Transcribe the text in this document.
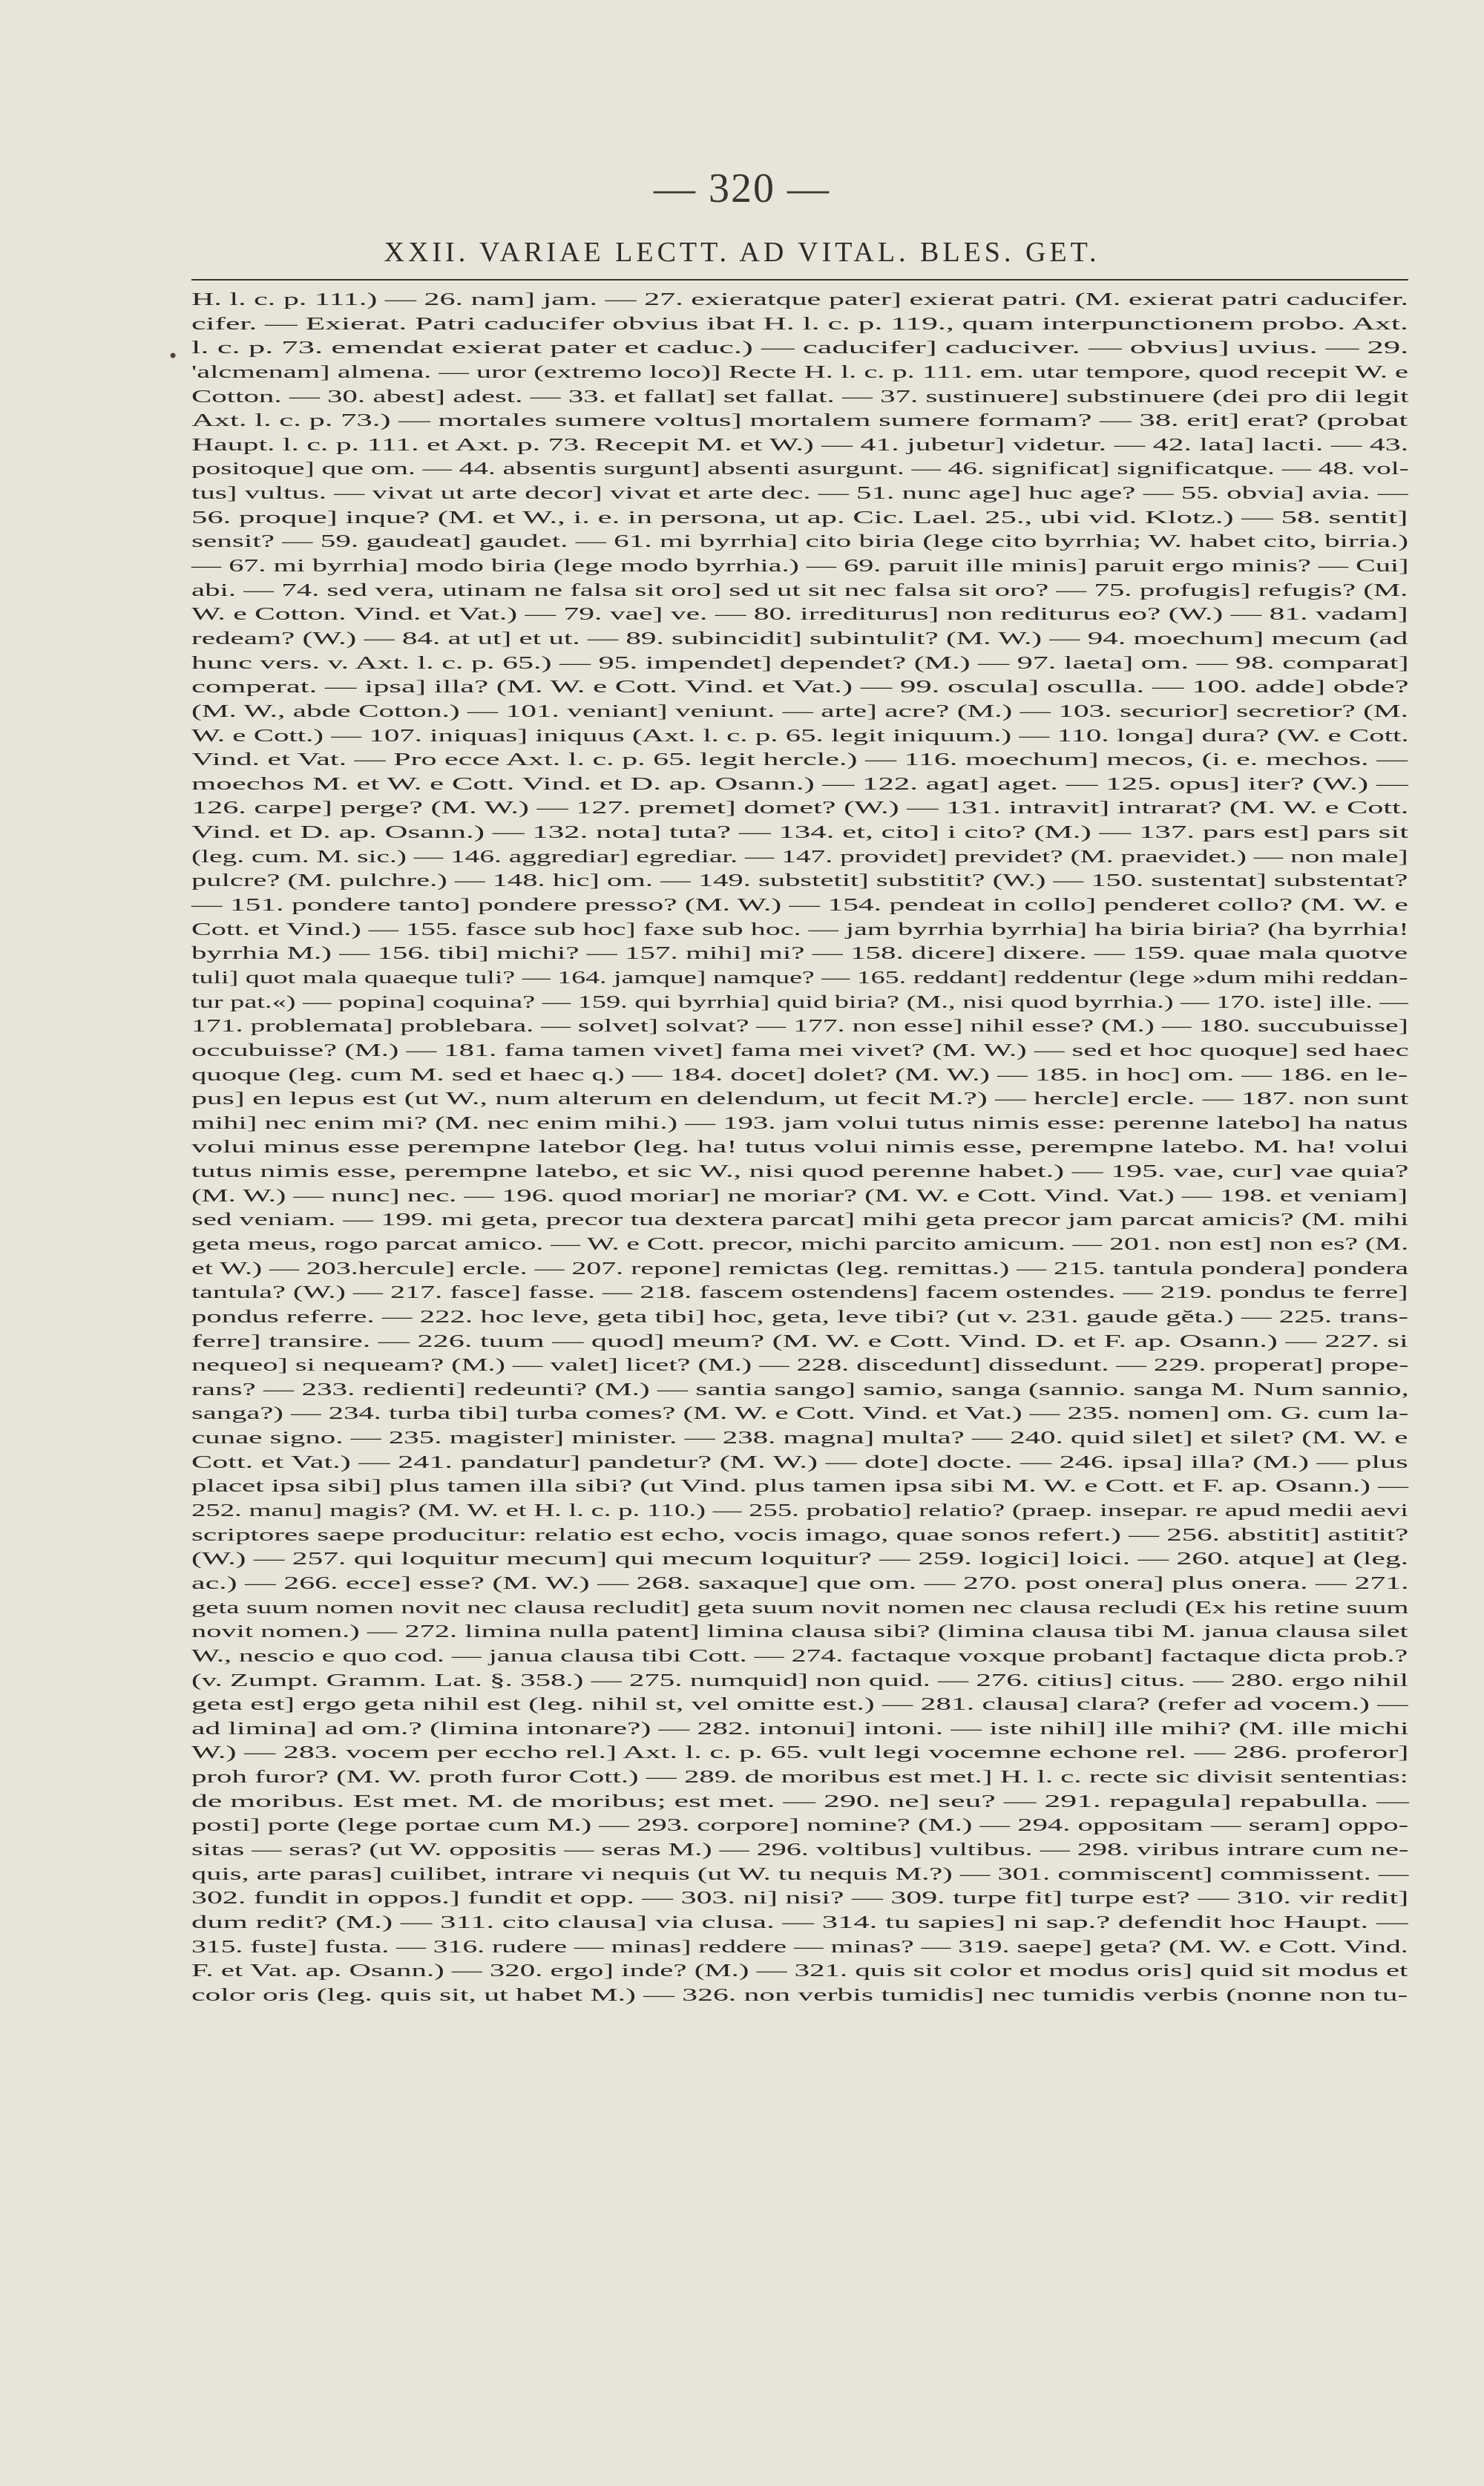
— 320 —
XXII. VARIAE LECTT. AD VITAL. BLES. GET.
•
H. l. c. p. 111.) — 26. nam] jam. — 27. exieratque pater] exierat patri. (M. exierat patri caducifer.
cifer. — Exierat. Patri caducifer obvius ibat H. l. c. p. 119., quam interpunctionem probo. Axt.
l. c. p. 73. emendat exierat pater et caduc.) — caducifer] caduciver. — obvius] uvius. — 29.
'alcmenam] almena. — uror (extremo loco)] Recte H. l. c. p. 111. em. utar tempore, quod recepit W. e
Cotton. — 30. abest] adest. — 33. et fallat] set fallat. — 37. sustinuere] substinuere (dei pro dii legit
Axt. l. c. p. 73.) — mortales sumere voltus] mortalem sumere formam? — 38. erit] erat? (probat
Haupt. l. c. p. 111. et Axt. p. 73. Recepit M. et W.) — 41. jubetur] videtur. — 42. lata] lacti. — 43.
positoque] que om. — 44. absentis surgunt] absenti asurgunt. — 46. significat] significatque. — 48. vol-
tus] vultus. — vivat ut arte decor] vivat et arte dec. — 51. nunc age] huc age? — 55. obvia] avia. —
56. proque] inque? (M. et W., i. e. in persona, ut ap. Cic. Lael. 25., ubi vid. Klotz.) — 58. sentit]
sensit? — 59. gaudeat] gaudet. — 61. mi byrrhia] cito biria (lege cito byrrhia; W. habet cito, birria.)
— 67. mi byrrhia] modo biria (lege modo byrrhia.) — 69. paruit ille minis] paruit ergo minis? — Cui]
abi. — 74. sed vera, utinam ne falsa sit oro] sed ut sit nec falsa sit oro? — 75. profugis] refugis? (M.
W. e Cotton. Vind. et Vat.) — 79. vae] ve. — 80. irrediturus] non rediturus eo? (W.) — 81. vadam]
redeam? (W.) — 84. at ut] et ut. — 89. subincidit] subintulit? (M. W.) — 94. moechum] mecum (ad
hunc vers. v. Axt. l. c. p. 65.) — 95. impendet] dependet? (M.) — 97. laeta] om. — 98. comparat]
comperat. — ipsa] illa? (M. W. e Cott. Vind. et Vat.) — 99. oscula] osculla. — 100. adde] obde?
(M. W., abde Cotton.) — 101. veniant] veniunt. — arte] acre? (M.) — 103. securior] secretior? (M.
W. e Cott.) — 107. iniquas] iniquus (Axt. l. c. p. 65. legit iniquum.) — 110. longa] dura? (W. e Cott.
Vind. et Vat. — Pro ecce Axt. l. c. p. 65. legit hercle.) — 116. moechum] mecos, (i. e. mechos. —
moechos M. et W. e Cott. Vind. et D. ap. Osann.) — 122. agat] aget. — 125. opus] iter? (W.) —
126. carpe] perge? (M. W.) — 127. premet] domet? (W.) — 131. intravit] intrarat? (M. W. e Cott.
Vind. et D. ap. Osann.) — 132. nota] tuta? — 134. et, cito] i cito? (M.) — 137. pars est] pars sit
(leg. cum. M. sic.) — 146. aggrediar] egrediar. — 147. providet] previdet? (M. praevidet.) — non male]
pulcre? (M. pulchre.) — 148. hic] om. — 149. substetit] substitit? (W.) — 150. sustentat] substentat?
— 151. pondere tanto] pondere presso? (M. W.) — 154. pendeat in collo] penderet collo? (M. W. e
Cott. et Vind.) — 155. fasce sub hoc] faxe sub hoc. — jam byrrhia byrrhia] ha biria biria? (ha byrrhia!
byrrhia M.) — 156. tibi] michi? — 157. mihi] mi? — 158. dicere] dixere. — 159. quae mala quotve
tuli] quot mala quaeque tuli? — 164. jamque] namque? — 165. reddant] reddentur (lege »dum mihi reddan-
tur pat.«) — popina] coquina? — 159. qui byrrhia] quid biria? (M., nisi quod byrrhia.) — 170. iste] ille. —
171. problemata] problebara. — solvet] solvat? — 177. non esse] nihil esse? (M.) — 180. succubuisse]
occubuisse? (M.) — 181. fama tamen vivet] fama mei vivet? (M. W.) — sed et hoc quoque] sed haec
quoque (leg. cum M. sed et haec q.) — 184. docet] dolet? (M. W.) — 185. in hoc] om. — 186. en le-
pus] en lepus est (ut W., num alterum en delendum, ut fecit M.?) — hercle] ercle. — 187. non sunt
mihi] nec enim mi? (M. nec enim mihi.) — 193. jam volui tutus nimis esse: perenne latebo] ha natus
volui minus esse perempne latebor (leg. ha! tutus volui nimis esse, perempne latebo. M. ha! volui
tutus nimis esse, perempne latebo, et sic W., nisi quod perenne habet.) — 195. vae, cur] vae quia?
(M. W.) — nunc] nec. — 196. quod moriar] ne moriar? (M. W. e Cott. Vind. Vat.) — 198. et veniam]
sed veniam. — 199. mi geta, precor tua dextera parcat] mihi geta precor jam parcat amicis? (M. mihi
geta meus, rogo parcat amico. — W. e Cott. precor, michi parcito amicum. — 201. non est] non es? (M.
et W.) — 203.hercule] ercle. — 207. repone] remictas (leg. remittas.) — 215. tantula pondera] pondera
tantula? (W.) — 217. fasce] fasse. — 218. fascem ostendens] facem ostendes. — 219. pondus te ferre]
pondus referre. — 222. hoc leve, geta tibi] hoc, geta, leve tibi? (ut v. 231. gaude gĕta.) — 225. trans-
ferre] transire. — 226. tuum — quod] meum? (M. W. e Cott. Vind. D. et F. ap. Osann.) — 227. si
nequeo] si nequeam? (M.) — valet] licet? (M.) — 228. discedunt] dissedunt. — 229. properat] prope-
rans? — 233. redienti] redeunti? (M.) — santia sango] samio, sanga (sannio. sanga M. Num sannio,
sanga?) — 234. turba tibi] turba comes? (M. W. e Cott. Vind. et Vat.) — 235. nomen] om. G. cum la-
cunae signo. — 235. magister] minister. — 238. magna] multa? — 240. quid silet] et silet? (M. W. e
Cott. et Vat.) — 241. pandatur] pandetur? (M. W.) — dote] docte. — 246. ipsa] illa? (M.) — plus
placet ipsa sibi] plus tamen illa sibi? (ut Vind. plus tamen ipsa sibi M. W. e Cott. et F. ap. Osann.) —
252. manu] magis? (M. W. et H. l. c. p. 110.) — 255. probatio] relatio? (praep. insepar. re apud medii aevi
scriptores saepe producitur: relatio est echo, vocis imago, quae sonos refert.) — 256. abstitit] astitit?
(W.) — 257. qui loquitur mecum] qui mecum loquitur? — 259. logici] loici. — 260. atque] at (leg.
ac.) — 266. ecce] esse? (M. W.) — 268. saxaque] que om. — 270. post onera] plus onera. — 271.
geta suum nomen novit nec clausa recludit] geta suum novit nomen nec clausa recludi (Ex his retine suum
novit nomen.) — 272. limina nulla patent] limina clausa sibi? (limina clausa tibi M. janua clausa silet
W., nescio e quo cod. — janua clausa tibi Cott. — 274. factaque voxque probant] factaque dicta prob.?
(v. Zumpt. Gramm. Lat. §. 358.) — 275. numquid] non quid. — 276. citius] citus. — 280. ergo nihil
geta est] ergo geta nihil est (leg. nihil st, vel omitte est.) — 281. clausa] clara? (refer ad vocem.) —
ad limina] ad om.? (limina intonare?) — 282. intonui] intoni. — iste nihil] ille mihi? (M. ille michi
W.) — 283. vocem per eccho rel.] Axt. l. c. p. 65. vult legi vocemne echone rel. — 286. proferor]
proh furor? (M. W. proth furor Cott.) — 289. de moribus est met.] H. l. c. recte sic divisit sententias:
de moribus. Est met. M. de moribus; est met. — 290. ne] seu? — 291. repagula] repabulla. —
posti] porte (lege portae cum M.) — 293. corpore] nomine? (M.) — 294. oppositam — seram] oppo-
sitas — seras? (ut W. oppositis — seras M.) — 296. voltibus] vultibus. — 298. viribus intrare cum ne-
quis, arte paras] cuilibet, intrare vi nequis (ut W. tu nequis M.?) — 301. commiscent] commissent. —
302. fundit in oppos.] fundit et opp. — 303. ni] nisi? — 309. turpe fit] turpe est? — 310. vir redit]
dum redit? (M.) — 311. cito clausa] via clusa. — 314. tu sapies] ni sap.? defendit hoc Haupt. —
315. fuste] fusta. — 316. rudere — minas] reddere — minas? — 319. saepe] geta? (M. W. e Cott. Vind.
F. et Vat. ap. Osann.) — 320. ergo] inde? (M.) — 321. quis sit color et modus oris] quid sit modus et
color oris (leg. quis sit, ut habet M.) — 326. non verbis tumidis] nec tumidis verbis (nonne non tu-
